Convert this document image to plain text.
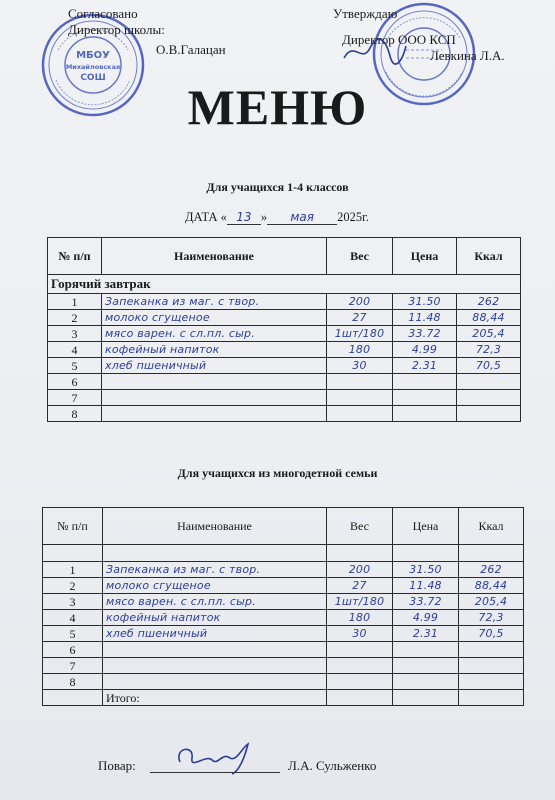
МБОУ
Михайловская
СОШ
Согласовано
Директор школы:
О.В.Галацан
Утверждаю
Директор ООО КСП
Левкина Л.А.
МЕНЮ
Для учащихся 1-4 классов
ДАТА « 13 » мая 2025г.
№ п/п	Наименование	Вес	Цена	Ккал
Горячий завтрак				
1	Запеканка из маг. с твор.	200	31.50	262
2	молоко сгущеное	27	11.48	88,44
3	мясо варен. с сл.пл. сыр.	1шт/180	33.72	205,4
4	кофейный напиток	180	4.99	72,3
5	хлеб пшеничный	30	2.31	70,5
6				
7				
8				
Для учащихся из многодетной семьи
№ п/п	Наименование	Вес	Цена	Ккал

1	Запеканка из маг. с твор.	200	31.50	262
2	молоко сгущеное	27	11.48	88,44
3	мясо варен. с сл.пл. сыр.	1шт/180	33.72	205,4
4	кофейный напиток	180	4.99	72,3
5	хлеб пшеничный	30	2.31	70,5
6				
7				
8				
	Итого:			
Повар:	Л.А. Сульженко
